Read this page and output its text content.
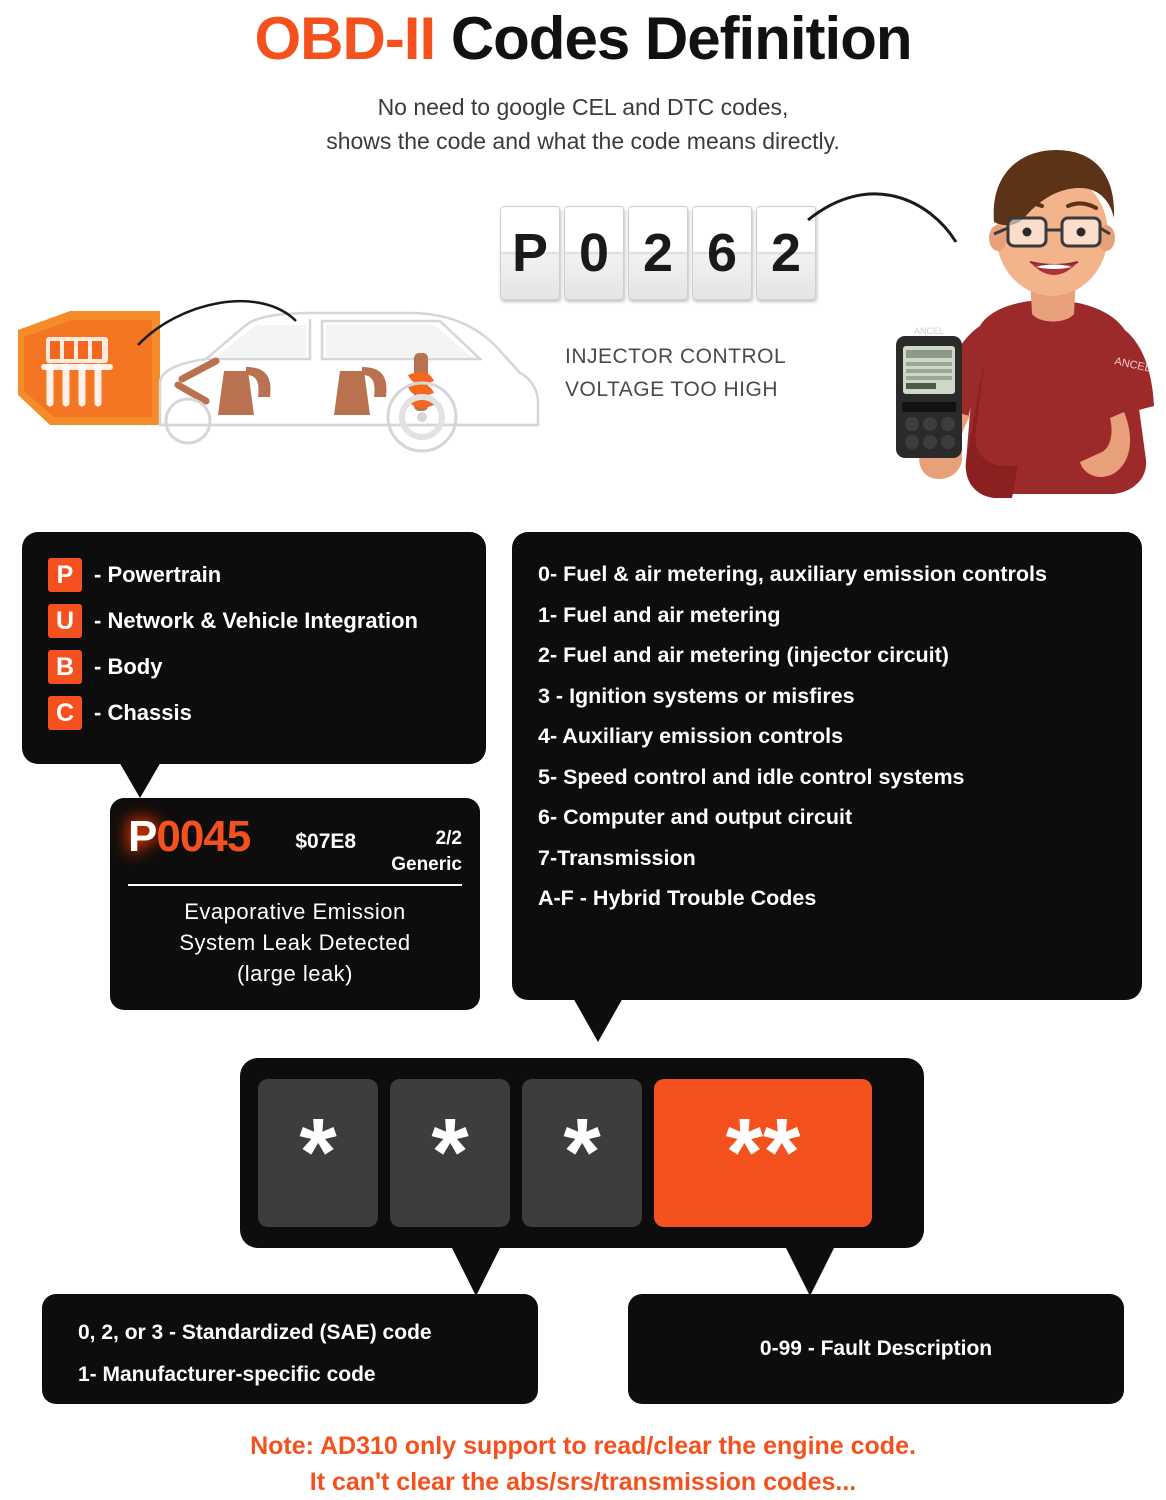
OBD-II Codes Definition
No need to google CEL and DTC codes,
shows the code and what the code means directly.
P 0 2 6 2
INJECTOR CONTROL
VOLTAGE TOO HIGH
ANCEL
ANCEL
P - Powertrain
U - Network & Vehicle Integration
B - Body
C - Chassis
P0045 $07E8	2/2
Generic
Evaporative Emission
System Leak Detected
(large leak)
0- Fuel & air metering, auxiliary emission controls
1- Fuel and air metering
2- Fuel and air metering (injector circuit)
3 - Ignition systems or misfires
4- Auxiliary emission controls
5- Speed control and idle control systems
6- Computer and output circuit
7-Transmission
A-F - Hybrid Trouble Codes
* * *	**
0, 2, or 3 - Standardized (SAE) code
1- Manufacturer-specific code
0-99 - Fault Description
Note: AD310 only support to read/clear the engine code.
It can't clear the abs/srs/transmission codes...
